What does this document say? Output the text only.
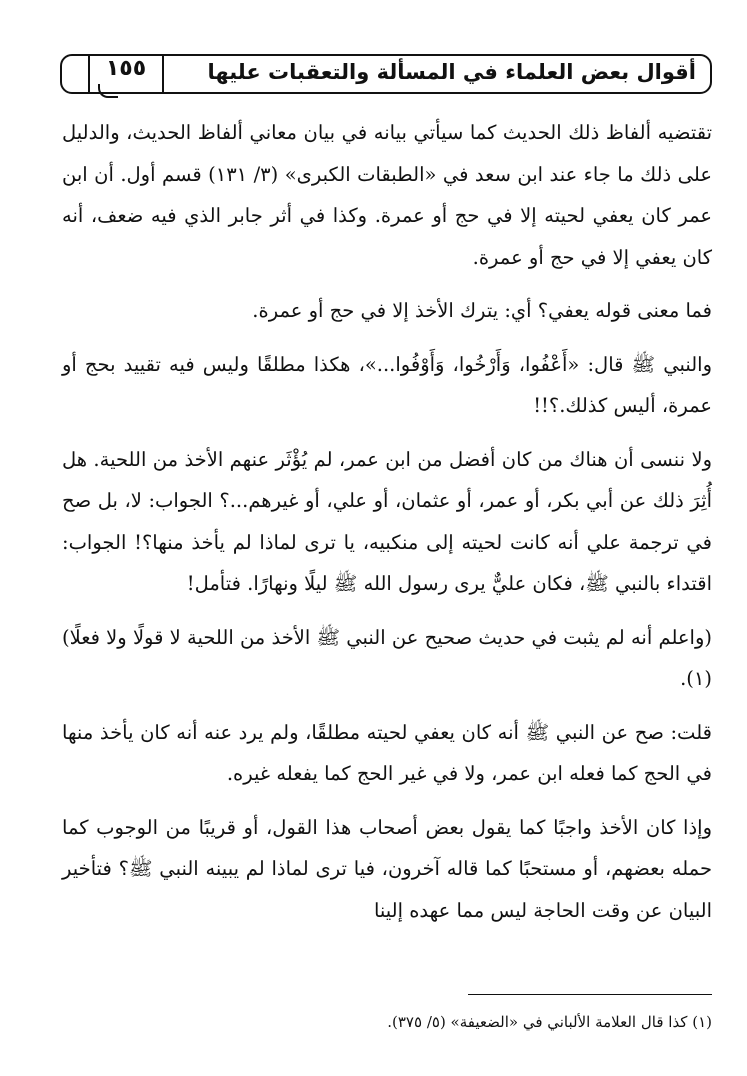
أقوال بعض العلماء في المسألة والتعقبات عليها
١٥٥

تقتضيه ألفاظ ذلك الحديث كما سيأتي بيانه في بيان معاني ألفاظ الحديث، والدليل على ذلك ما جاء عند ابن سعد في «الطبقات الكبرى» (٣/ ١٣١) قسم أول. أن ابن عمر كان يعفي لحيته إلا في حج أو عمرة. وكذا في أثر جابر الذي فيه ضعف، أنه كان يعفي إلا في حج أو عمرة.

فما معنى قوله يعفي؟ أي: يترك الأخذ إلا في حج أو عمرة.

والنبي ﷺ قال: «أَعْفُوا، وَأَرْخُوا، وَأَوْفُوا...»، هكذا مطلقًا وليس فيه تقييد بحج أو عمرة، أليس كذلك.؟!!

ولا ننسى أن هناك من كان أفضل من ابن عمر، لم يُؤْثَر عنهم الأخذ من اللحية. هل أُثِرَ ذلك عن أبي بكر، أو عمر، أو عثمان، أو علي، أو غيرهم...؟ الجواب: لا، بل صح في ترجمة علي أنه كانت لحيته إلى منكبيه، يا ترى لماذا لم يأخذ منها؟! الجواب: اقتداء بالنبي ﷺ، فكان عليٌّ يرى رسول الله ﷺ ليلًا ونهارًا. فتأمل!

(واعلم أنه لم يثبت في حديث صحيح عن النبي ﷺ الأخذ من اللحية لا قولًا ولا فعلًا)(١).

قلت: صح عن النبي ﷺ أنه كان يعفي لحيته مطلقًا، ولم يرد عنه أنه كان يأخذ منها في الحج كما فعله ابن عمر، ولا في غير الحج كما يفعله غيره.

وإذا كان الأخذ واجبًا كما يقول بعض أصحاب هذا القول، أو قريبًا من الوجوب كما حمله بعضهم، أو مستحبًا كما قاله آخرون، فيا ترى لماذا لم يبينه النبي ﷺ؟ فتأخير البيان عن وقت الحاجة ليس مما عهده إلينا

(١) كذا قال العلامة الألباني في «الضعيفة» (٥/ ٣٧٥).
